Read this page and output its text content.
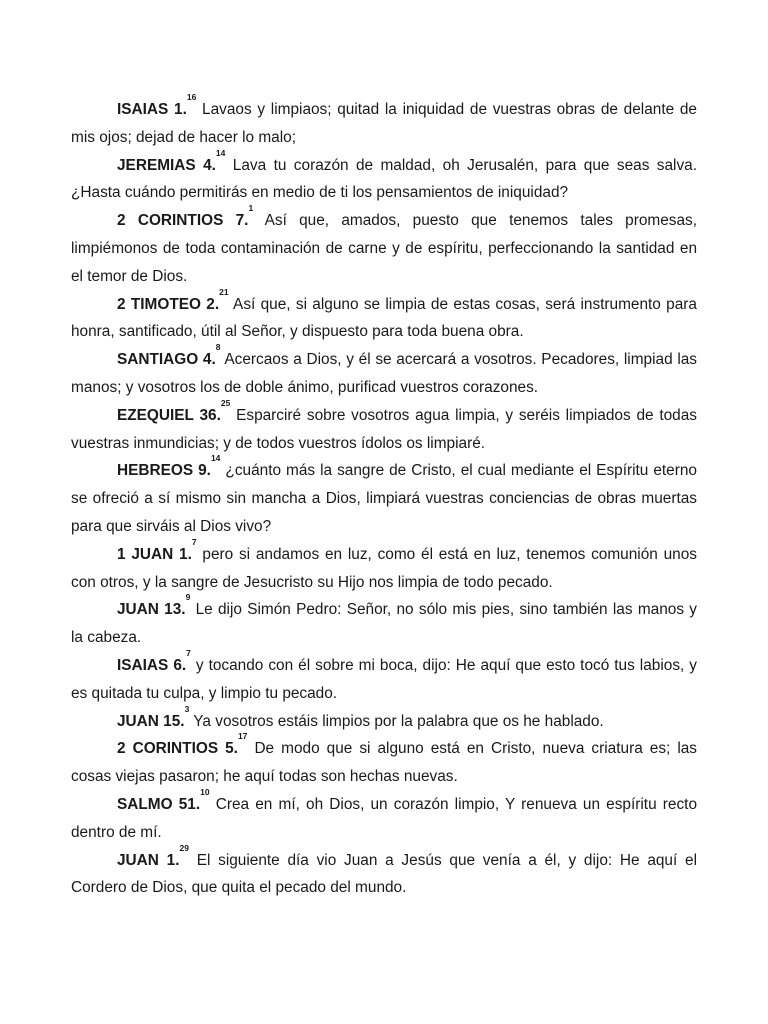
ISAIAS 1.16 Lavaos y limpiaos; quitad la iniquidad de vuestras obras de delante de mis ojos; dejad de hacer lo malo;

JEREMIAS 4.14 Lava tu corazón de maldad, oh Jerusalén, para que seas salva. ¿Hasta cuándo permitirás en medio de ti los pensamientos de iniquidad?

2 CORINTIOS 7.$^1$ Así que, amados, puesto que tenemos tales promesas, limpiémonos de toda contaminación de carne y de espíritu, perfeccionando la santidad en el temor de Dios.

2 TIMOTEO 2.21 Así que, si alguno se limpia de estas cosas, será instrumento para honra, santificado, útil al Señor, y dispuesto para toda buena obra.

SANTIAGO 4.$^8$ Acercaos a Dios, y él se acercará a vosotros. Pecadores, limpiad las manos; y vosotros los de doble ánimo, purificad vuestros corazones.

EZEQUIEL 36.25 Esparciré sobre vosotros agua limpia, y seréis limpiados de todas vuestras inmundicias; y de todos vuestros ídolos os limpiaré.

HEBREOS 9.14 ¿cuánto más la sangre de Cristo, el cual mediante el Espíritu eterno se ofreció a sí mismo sin mancha a Dios, limpiará vuestras conciencias de obras muertas para que sirváis al Dios vivo?

1 JUAN 1.$^7$ pero si andamos en luz, como él está en luz, tenemos comunión unos con otros, y la sangre de Jesucristo su Hijo nos limpia de todo pecado.

JUAN 13.$^9$ Le dijo Simón Pedro: Señor, no sólo mis pies, sino también las manos y la cabeza.

ISAIAS 6.$^7$ y tocando con él sobre mi boca, dijo: He aquí que esto tocó tus labios, y es quitada tu culpa, y limpio tu pecado.

JUAN 15.$^3$ Ya vosotros estáis limpios por la palabra que os he hablado.

2 CORINTIOS 5.17 De modo que si alguno está en Cristo, nueva criatura es; las cosas viejas pasaron; he aquí todas son hechas nuevas.

SALMO 51.10 Crea en mí, oh Dios, un corazón limpio, Y renueva un espíritu recto dentro de mí.

JUAN 1.29 El siguiente día vio Juan a Jesús que venía a él, y dijo: He aquí el Cordero de Dios, que quita el pecado del mundo.
